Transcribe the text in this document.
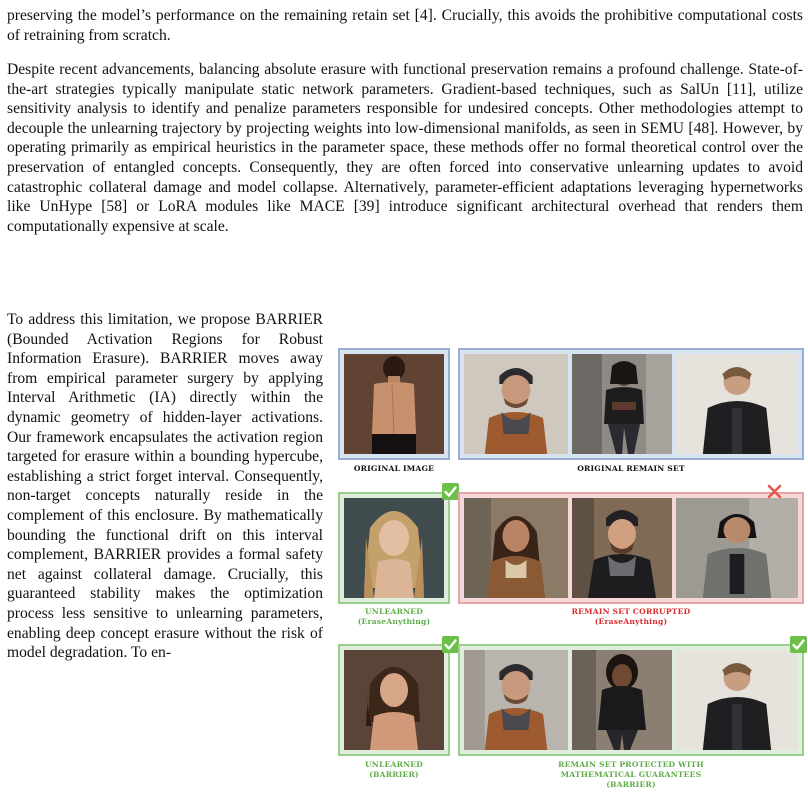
preserving the model’s performance on the remaining retain set [4]. Crucially, this avoids the prohibitive computational costs of retraining from scratch.

Despite recent advancements, balancing absolute erasure with functional preservation remains a profound challenge. State-of-the-art strategies typically manipulate static network parameters. Gradient-based techniques, such as SalUn [11], utilize sensitivity analysis to identify and penalize parameters responsible for undesired concepts. Other methodologies attempt to decouple the unlearning trajectory by projecting weights into low-dimensional manifolds, as seen in SEMU [48]. However, by operating primarily as empirical heuristics in the parameter space, these methods offer no formal theoretical control over the preservation of entangled concepts. Consequently, they are often forced into conservative unlearning updates to avoid catastrophic collateral damage and model collapse. Alternatively, parameter-efficient adaptations leveraging hypernetworks like UnHype [58] or LoRA modules like MACE [39] introduce significant architectural overhead that renders them computationally expensive at scale.

To address this limitation, we propose BARRIER (Bounded Activation Regions for Robust Information Erasure). BARRIER moves away from empirical parameter surgery by applying Interval Arithmetic (IA) directly within the dynamic geometry of hidden-layer activations. Our framework encapsulates the activation region targeted for erasure within a bounding hypercube, establishing a strict forget interval. Consequently, non-target concepts naturally reside in the complement of this enclosure. By mathematically bounding the functional drift on this interval complement, BARRIER provides a formal safety net against collateral damage. Crucially, this guaranteed stability makes the optimization process less sensitive to unlearning parameters, enabling deep concept erasure without the risk of model degradation. To en-

ORIGINAL IMAGE	ORIGINAL REMAIN SET
UNLEARNED
(EraseAnything)
REMAIN SET CORRUPTED
(EraseAnything)
UNLEARNED
(BARRIER)
REMAIN SET PROTECTED WITH
MATHEMATICAL GUARANTEES
(BARRIER)
